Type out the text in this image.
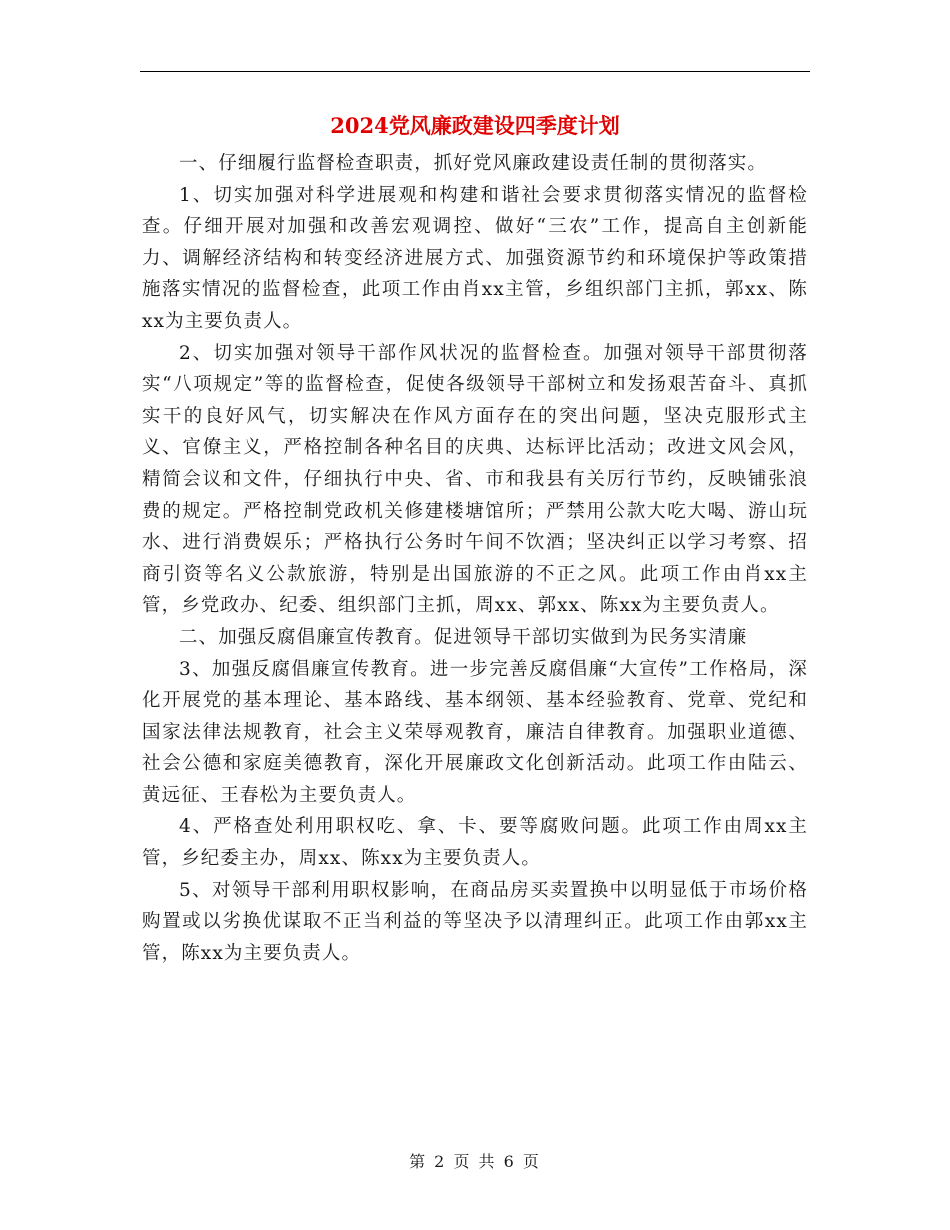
2024党风廉政建设四季度计划

一、仔细履行监督检查职责，抓好党风廉政建设责任制的贯彻落实。

1、切实加强对科学进展观和构建和谐社会要求贯彻落实情况的监督检查。仔细开展对加强和改善宏观调控、做好“三农”工作，提高自主创新能力、调解经济结构和转变经济进展方式、加强资源节约和环境保护等政策措施落实情况的监督检查，此项工作由肖xx主管，乡组织部门主抓，郭xx、陈xx为主要负责人。

2、切实加强对领导干部作风状况的监督检查。加强对领导干部贯彻落实“八项规定”等的监督检查，促使各级领导干部树立和发扬艰苦奋斗、真抓实干的良好风气，切实解决在作风方面存在的突出问题，坚决克服形式主义、官僚主义，严格控制各种名目的庆典、达标评比活动；改进文风会风，精简会议和文件，仔细执行中央、省、市和我县有关厉行节约，反映铺张浪费的规定。严格控制党政机关修建楼塘馆所；严禁用公款大吃大喝、游山玩水、进行消费娱乐；严格执行公务时午间不饮酒；坚决纠正以学习考察、招商引资等名义公款旅游，特别是出国旅游的不正之风。此项工作由肖xx主管，乡党政办、纪委、组织部门主抓，周xx、郭xx、陈xx为主要负责人。

二、加强反腐倡廉宣传教育。促进领导干部切实做到为民务实清廉

3、加强反腐倡廉宣传教育。进一步完善反腐倡廉“大宣传”工作格局，深化开展党的基本理论、基本路线、基本纲领、基本经验教育、党章、党纪和国家法律法规教育，社会主义荣辱观教育，廉洁自律教育。加强职业道德、社会公德和家庭美德教育，深化开展廉政文化创新活动。此项工作由陆云、黄远征、王春松为主要负责人。

4、严格查处利用职权吃、拿、卡、要等腐败问题。此项工作由周xx主管，乡纪委主办，周xx、陈xx为主要负责人。

5、对领导干部利用职权影响，在商品房买卖置换中以明显低于市场价格购置或以劣换优谋取不正当利益的等坚决予以清理纠正。此项工作由郭xx主管，陈xx为主要负责人。

第 2 页 共 6 页
